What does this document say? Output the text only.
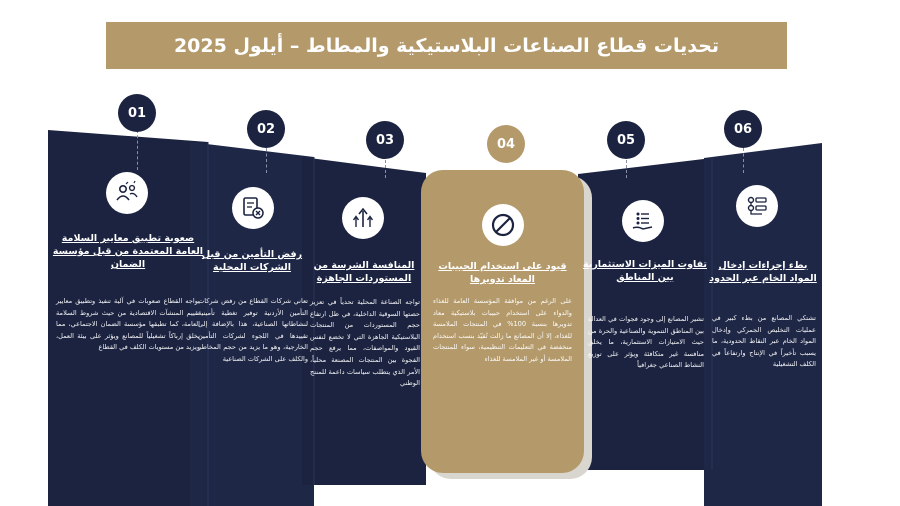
تحديات قطاع الصناعات البلاستيكية والمطاط – أيلول 2025
01
02
03	04	05
06
صعوبة تطبيق معايير السلامة العامة المعتمدة من قبل مؤسسة الضمان
يواجه القطاع صعوبات في آلية تنفيذ وتطبيق معايير تقييم المنشآت الاقتصادية من حيث شروط السلامة العامة، كما تطبقها مؤسسة الضمان الاجتماعي، مما يخلق إرباكاً تشغيلياً للمصانع ويؤثر على بيئة العمل، ويزيد من مستويات الكلف في القطاع
رفض التأمين من قبل الشركات المحلية
تعاني شركات القطاع من رفض شركات التأمين الأردنية توفير تغطية تأمينية لنشاطاتها الصناعية، هذا بالإضافة إلى تقييدها في اللجوء لشركات التأمين الخارجية، وهو ما يزيد من حجم المخاطر والكلف على الشركات الصناعية
المنافسة الشرسة من المستوردات الجاهزة
تواجه الصناعة المحلية تحدياً في تعزيز حصتها السوقية الداخلية، في ظل ارتفاع حجم المستوردات من المنتجات البلاستيكية الجاهزة التي لا تخضع لنفس القيود والمواصفات، مما يرفع حجم الفجوة بين المنتجات المصنعة محلياً، الأمر الذي يتطلب سياسات داعمة للمنتج الوطني
قيود على استخدام الحبيبات المعاد تدويرها
على الرغم من موافقة المؤسسة العامة للغذاء والدواء على استخدام حبيبات بلاستيكية معاد تدويرها بنسبة 100% في المنتجات الملامسة للغذاء، إلا أن المصانع ما زالت تُقيّد بنسب استخدام منخفضة في التعليمات التنظيمية، سواء للمنتجات الملامسة أو غير الملامسة للغذاء
تفاوت الميزات الاستثمارية بين المناطق
تشير المصانع إلى وجود فجوات في العدالة بين المناطق التنموية والصناعية والحرة من حيث الامتيازات الاستثمارية، ما يخلق منافسة غير متكافئة ويؤثر على توزيع النشاط الصناعي جغرافياً
بطء إجراءات إدخال المواد الخام عبر الحدود
تشتكي المصانع من بطء كبير في عمليات التخليص الجمركي وإدخال المواد الخام عبر النقاط الحدودية، ما يسبب تأخيراً في الإنتاج وارتفاعاً في الكلف التشغيلية
